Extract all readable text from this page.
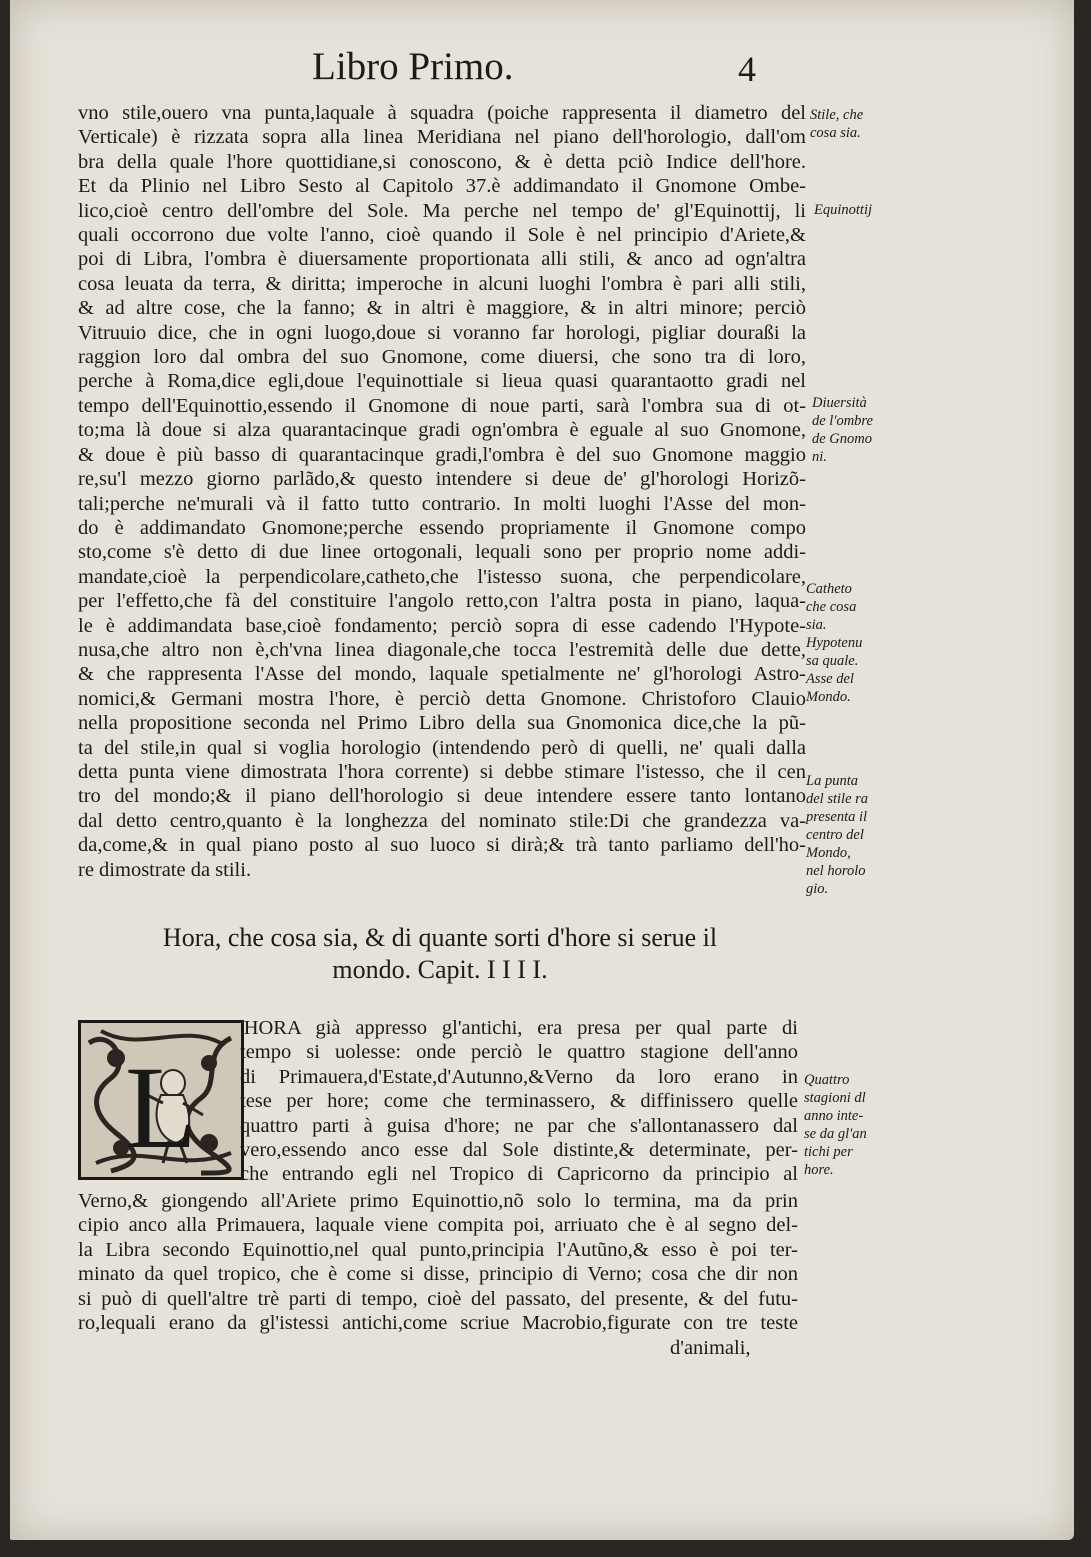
Libro Primo.	4
vno stile,ouero vna punta,laquale à squadra (poiche rappresenta il diametro del
Verticale) è rizzata sopra alla linea Meridiana nel piano dell'horologio, dall'om
bra della quale l'hore quottidiane,si conoscono, & è detta pciò Indice dell'hore.
Et da Plinio nel Libro Sesto al Capitolo 37.è addimandato il Gnomone Ombe-
lico,cioè centro dell'ombre del Sole. Ma perche nel tempo de' gl'Equinottij, li
quali occorrono due volte l'anno, cioè quando il Sole è nel principio d'Ariete,&
poi di Libra, l'ombra è diuersamente proportionata alli stili, & anco ad ogn'altra
cosa leuata da terra, & diritta; imperoche in alcuni luoghi l'ombra è pari alli stili,
& ad altre cose, che la fanno; & in altri è maggiore, & in altri minore; perciò
Vitruuio dice, che in ogni luogo,doue si voranno far horologi, pigliar douraßi la
raggion loro dal ombra del suo Gnomone, come diuersi, che sono tra di loro,
perche à Roma,dice egli,doue l'equinottiale si lieua quasi quarantaotto gradi nel
tempo dell'Equinottio,essendo il Gnomone di noue parti, sarà l'ombra sua di ot-
to;ma là doue si alza quarantacinque gradi ogn'ombra è eguale al suo Gnomone,
& doue è più basso di quarantacinque gradi,l'ombra è del suo Gnomone maggio
re,su'l mezzo giorno parlãdo,& questo intendere si deue de' gl'horologi Horizõ-
tali;perche ne'murali và il fatto tutto contrario. In molti luoghi l'Asse del mon-
do è addimandato Gnomone;perche essendo propriamente il Gnomone compo
sto,come s'è detto di due linee ortogonali, lequali sono per proprio nome addi-
mandate,cioè la perpendicolare,catheto,che l'istesso suona, che perpendicolare,
per l'effetto,che fà del constituire l'angolo retto,con l'altra posta in piano, laqua-
le è addimandata base,cioè fondamento; perciò sopra di esse cadendo l'Hypote-
nusa,che altro non è,ch'vna linea diagonale,che tocca l'estremità delle due dette,
& che rappresenta l'Asse del mondo, laquale spetialmente ne' gl'horologi Astro-
nomici,& Germani mostra l'hore, è perciò detta Gnomone. Christoforo Clauio
nella propositione seconda nel Primo Libro della sua Gnomonica dice,che la pũ-
ta del stile,in qual si voglia horologio (intendendo però di quelli, ne' quali dalla
detta punta viene dimostrata l'hora corrente) si debbe stimare l'istesso, che il cen
tro del mondo;& il piano dell'horologio si deue intendere essere tanto lontano
dal detto centro,quanto è la longhezza del nominato stile:Di che grandezza va-
da,come,& in qual piano posto al suo luoco si dirà;& trà tanto parliamo dell'ho-
re dimostrate da stili.
Hora, che cosa sia, & di quante sorti d'hore si serue il
mondo. Capit. I I I I.
L
'HORA già appresso gl'antichi, era presa per qual parte di
tempo si uolesse: onde perciò le quattro stagione dell'anno
di Primauera,d'Estate,d'Autunno,&Verno da loro erano in
tese per hore; come che terminassero, & diffinissero quelle
quattro parti à guisa d'hore; ne par che s'allontanassero dal
vero,essendo anco esse dal Sole distinte,& determinate, per-
che entrando egli nel Tropico di Capricorno da principio al
Verno,& giongendo all'Ariete primo Equinottio,nõ solo lo termina, ma da prin
cipio anco alla Primauera, laquale viene compita poi, arriuato che è al segno del-
la Libra secondo Equinottio,nel qual punto,principia l'Autũno,& esso è poi ter-
minato da quel tropico, che è come si disse, principio di Verno; cosa che dir non
si può di quell'altre trè parti di tempo, cioè del passato, del presente, & del futu-
ro,lequali erano da gl'istessi antichi,come scriue Macrobio,figurate con tre teste
d'animali,
Stile, che
cosa sia.
Equinottij
Diuersità
de l'ombre
de Gnomo
ni.
Catheto
che cosa
sia.
Hypotenu
sa quale.
Asse del
Mondo.
La punta
del stile ra
presenta il
centro del
Mondo,
nel horolo
gio.
Quattro
stagioni dl
anno inte-
se da gl'an
tichi per
hore.
